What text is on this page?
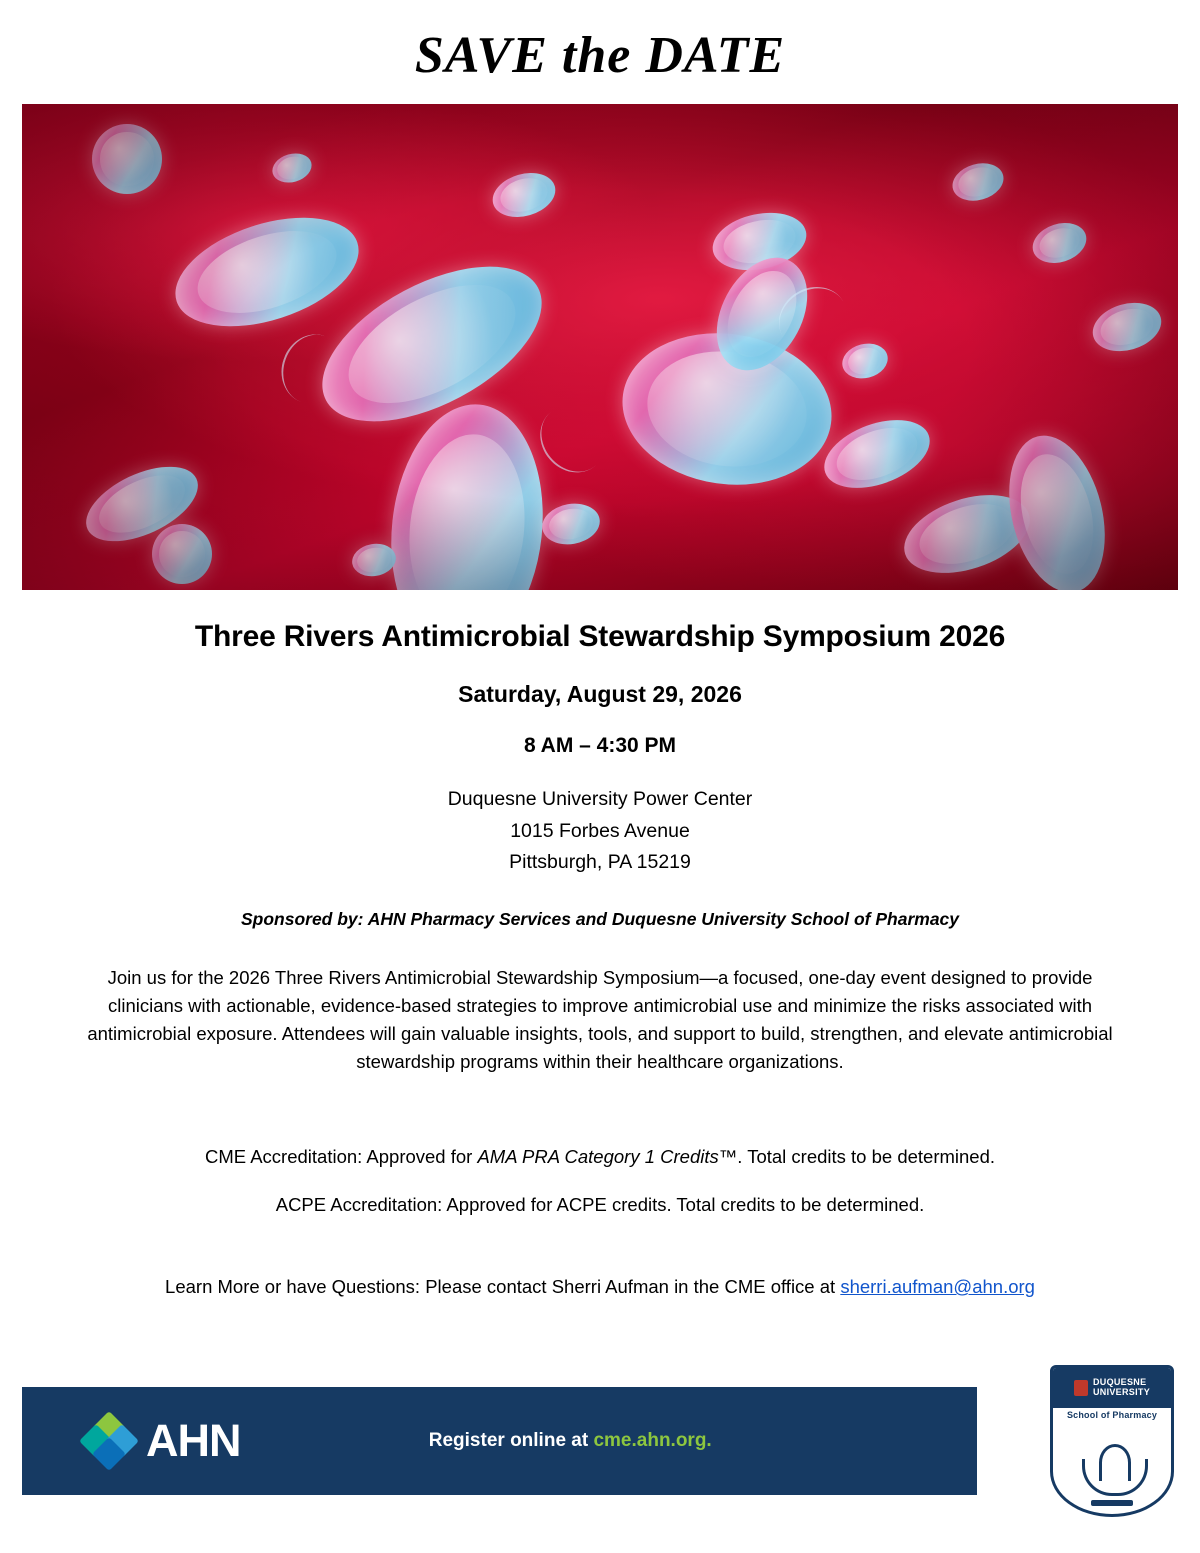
SAVE the DATE
Three Rivers Antimicrobial Stewardship Symposium 2026
Saturday, August 29, 2026
8 AM – 4:30 PM
Duquesne University Power Center
1015 Forbes Avenue
Pittsburgh, PA 15219
Sponsored by: AHN Pharmacy Services and Duquesne University School of Pharmacy
Join us for the 2026 Three Rivers Antimicrobial Stewardship Symposium—a focused, one-day event designed to provide clinicians with actionable, evidence-based strategies to improve antimicrobial use and minimize the risks associated with antimicrobial exposure. Attendees will gain valuable insights, tools, and support to build, strengthen, and elevate antimicrobial stewardship programs within their healthcare organizations.
CME Accreditation: Approved for AMA PRA Category 1 Credits™. Total credits to be determined.
ACPE Accreditation: Approved for ACPE credits. Total credits to be determined.
Learn More or have Questions: Please contact Sherri Aufman in the CME office at sherri.aufman@ahn.org
AHN	Register online at cme.ahn.org.
DUQUESNE
UNIVERSITY
School of Pharmacy
